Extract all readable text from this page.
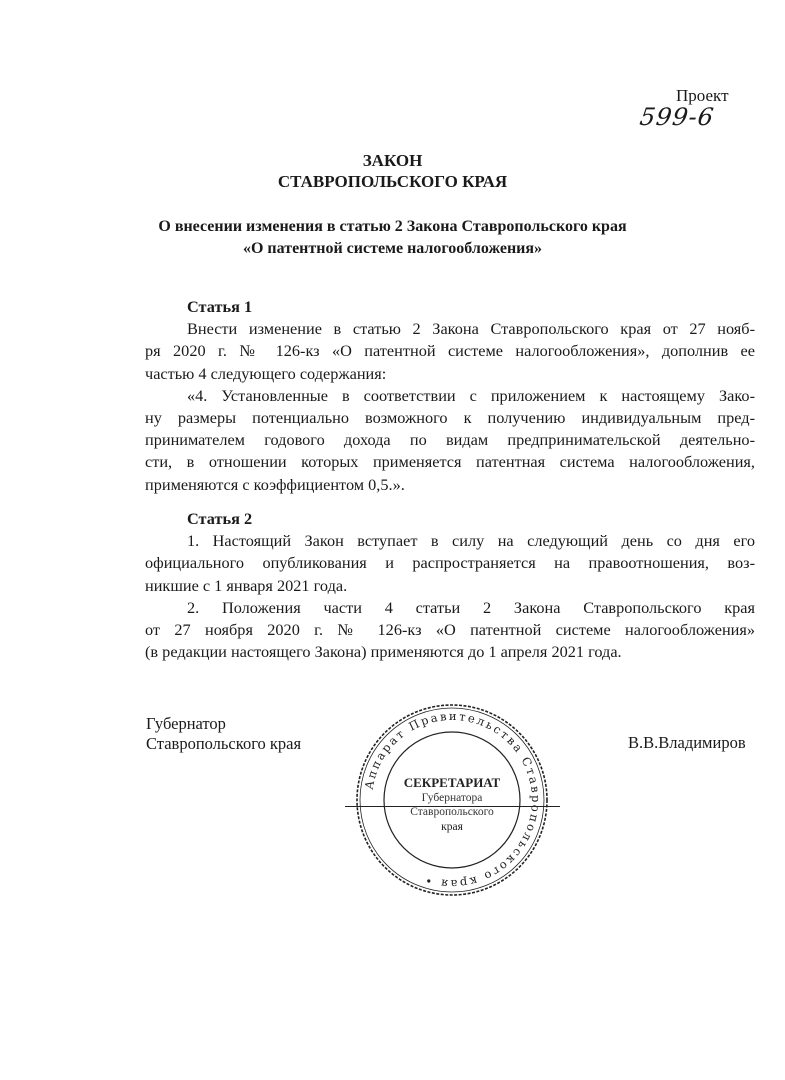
Проект
599-6
ЗАКОН
СТАВРОПОЛЬСКОГО КРАЯ
О внесении изменения в статью 2 Закона Ставропольского края
«О патентной системе налогообложения»
Статья 1
Внести изменение в статью 2 Закона Ставропольского края от 27 нояб-
ря 2020 г. № 126-кз «О патентной системе налогообложения», дополнив ее
частью 4 следующего содержания:
«4. Установленные в соответствии с приложением к настоящему Зако-
ну размеры потенциально возможного к получению индивидуальным пред-
принимателем годового дохода по видам предпринимательской деятельно-
сти, в отношении которых применяется патентная система налогообложения,
применяются с коэффициентом 0,5.».
Статья 2
1. Настоящий Закон вступает в силу на следующий день со дня его
официального опубликования и распространяется на правоотношения, воз-
никшие с 1 января 2021 года.
2. Положения части 4 статьи 2 Закона Ставропольского края
от 27 ноября 2020 г. № 126-кз «О патентной системе налогообложения»
(в редакции настоящего Закона) применяются до 1 апреля 2021 года.
Губернатор
Ставропольского края	В.В.Владимиров
Аппарат Правительства Ставропольского края •
СЕКРЕТАРИАТ
Губернатора
Ставропольского
края
